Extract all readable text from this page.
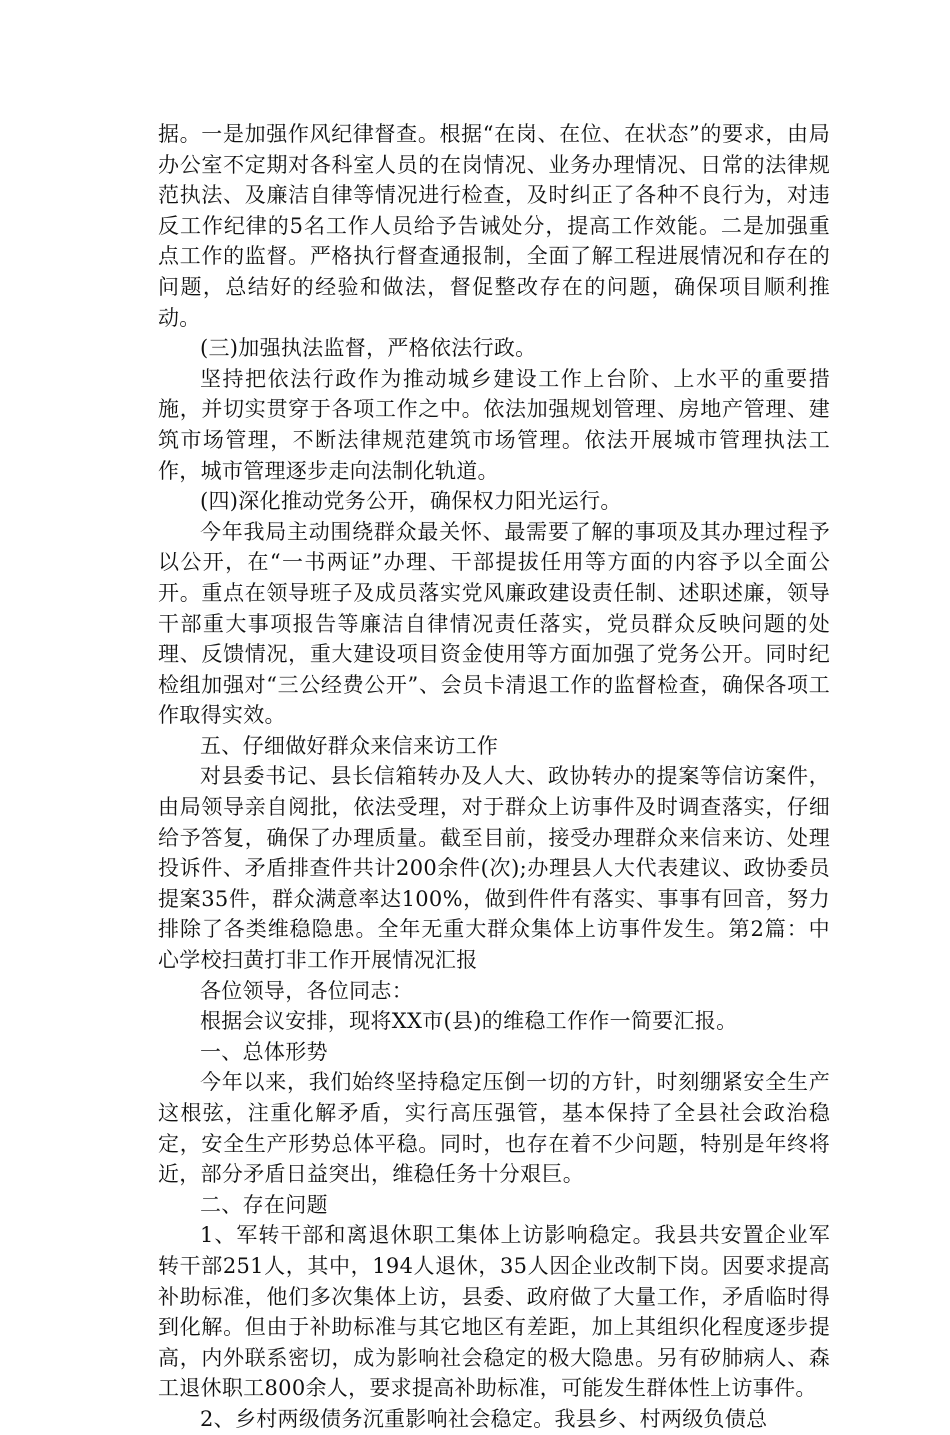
据。一是加强作风纪律督查。根据“在岗、在位、在状态”的要求，由局办公室不定期对各科室人员的在岗情况、业务办理情况、日常的法律规范执法、及廉洁自律等情况进行检查，及时纠正了各种不良行为，对违反工作纪律的5名工作人员给予告诫处分，提高工作效能。二是加强重点工作的监督。严格执行督查通报制，全面了解工程进展情况和存在的问题，总结好的经验和做法，督促整改存在的问题，确保项目顺利推动。

(三)加强执法监督，严格依法行政。

坚持把依法行政作为推动城乡建设工作上台阶、上水平的重要措施，并切实贯穿于各项工作之中。依法加强规划管理、房地产管理、建筑市场管理，不断法律规范建筑市场管理。依法开展城市管理执法工作，城市管理逐步走向法制化轨道。

(四)深化推动党务公开，确保权力阳光运行。

今年我局主动围绕群众最关怀、最需要了解的事项及其办理过程予以公开，在“一书两证”办理、干部提拔任用等方面的内容予以全面公开。重点在领导班子及成员落实党风廉政建设责任制、述职述廉，领导干部重大事项报告等廉洁自律情况责任落实，党员群众反映问题的处理、反馈情况，重大建设项目资金使用等方面加强了党务公开。同时纪检组加强对“三公经费公开”、会员卡清退工作的监督检查，确保各项工作取得实效。

五、仔细做好群众来信来访工作

对县委书记、县长信箱转办及人大、政协转办的提案等信访案件，由局领导亲自阅批，依法受理，对于群众上访事件及时调查落实，仔细给予答复，确保了办理质量。截至目前，接受办理群众来信来访、处理投诉件、矛盾排查件共计200余件(次);办理县人大代表建议、政协委员提案35件，群众满意率达100%，做到件件有落实、事事有回音，努力排除了各类维稳隐患。全年无重大群众集体上访事件发生。第2篇：中心学校扫黄打非工作开展情况汇报

各位领导，各位同志：

根据会议安排，现将XX市(县)的维稳工作作一简要汇报。

一、总体形势

今年以来，我们始终坚持稳定压倒一切的方针，时刻绷紧安全生产这根弦，注重化解矛盾，实行高压强管，基本保持了全县社会政治稳定，安全生产形势总体平稳。同时，也存在着不少问题，特别是年终将近，部分矛盾日益突出，维稳任务十分艰巨。

二、存在问题

1、军转干部和离退休职工集体上访影响稳定。我县共安置企业军转干部251人，其中，194人退休，35人因企业改制下岗。因要求提高补助标准，他们多次集体上访，县委、政府做了大量工作，矛盾临时得到化解。但由于补助标准与其它地区有差距，加上其组织化程度逐步提高，内外联系密切，成为影响社会稳定的极大隐患。另有矽肺病人、森工退休职工800余人，要求提高补助标准，可能发生群体性上访事件。

2、乡村两级债务沉重影响社会稳定。我县乡、村两级负债总
